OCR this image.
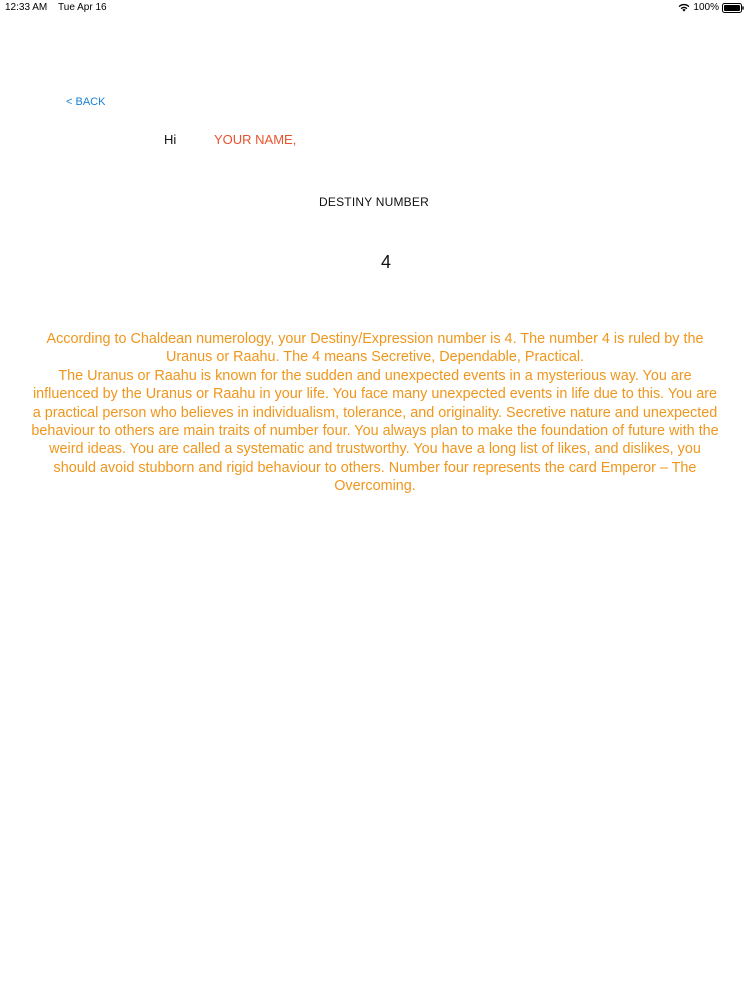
12:33 AM Tue Apr 16	100%
< BACK
Hi	YOUR NAME,
DESTINY NUMBER
4

According to Chaldean numerology, your Destiny/Expression number is 4. The number 4 is ruled by the Uranus or Raahu. The 4 means Secretive, Dependable, Practical.

The Uranus or Raahu is known for the sudden and unexpected events in a mysterious way. You are influenced by the Uranus or Raahu in your life. You face many unexpected events in life due to this. You are a practical person who believes in individualism, tolerance, and originality. Secretive nature and unexpected behaviour to others are main traits of number four. You always plan to make the foundation of future with the weird ideas. You are called a systematic and trustworthy. You have a long list of likes, and dislikes, you should avoid stubborn and rigid behaviour to others. Number four represents the card Emperor – The Overcoming.
